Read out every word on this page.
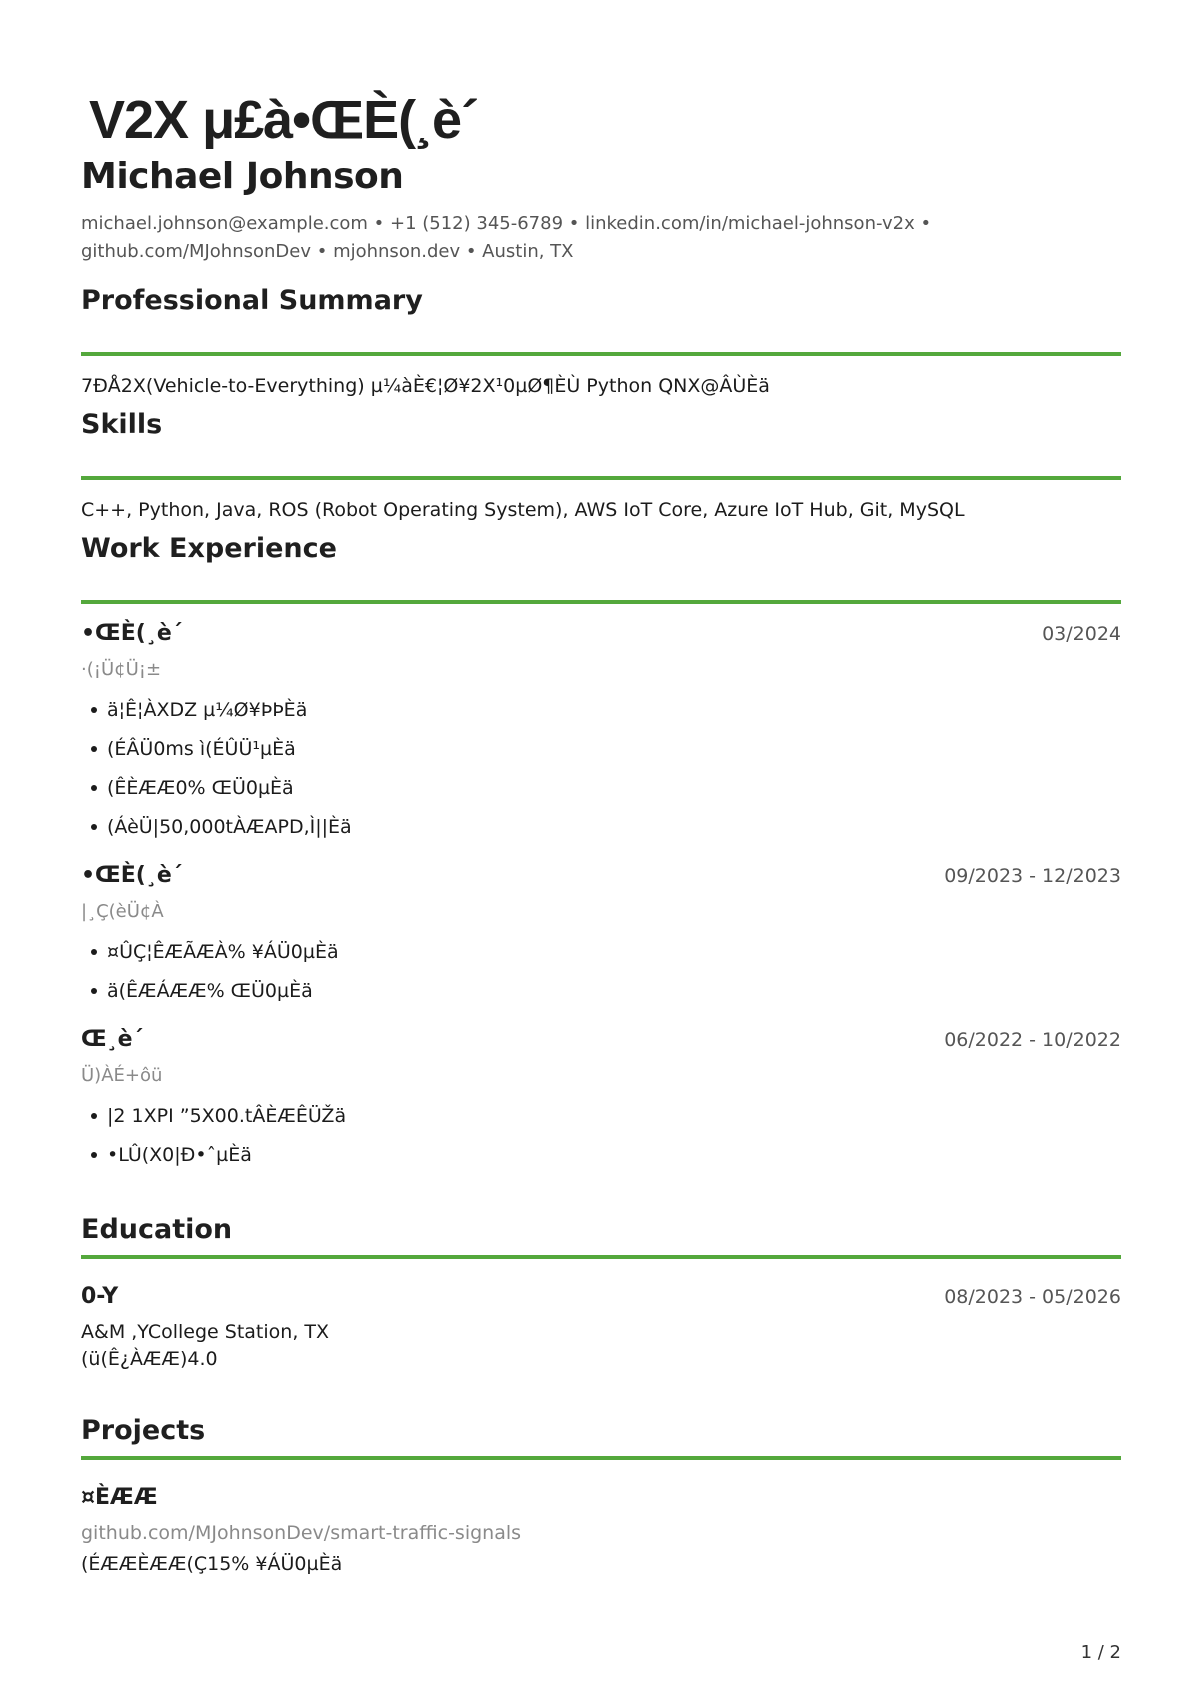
V2X μ£à•ŒÈ(¸è´
Michael Johnson
michael.johnson@example.com • +1 (512) 345-6789 • linkedin.com/in/michael-johnson-v2x •
github.com/MJohnsonDev • mjohnson.dev • Austin, TX
Professional Summary
7ÐÅ2X(Vehicle-to-Everything) µ¼àÈ€¦Ø¥2X¹0µØ¶ÈÙ Python QNX@ÂÙÈä
Skills
C++, Python, Java, ROS (Robot Operating System), AWS IoT Core, Azure IoT Hub, Git, MySQL
Work Experience
•ŒÈ(¸è´	03/2024
·(¡Ü¢Ü¡±
ä¦Ê¦ÀXDZ µ¼Ø¥ÞÞÈä
(ÉÂÜ0ms ì(ÉÛÜ¹µÈä
(ÊÈÆÆ0% ŒÜ0µÈä
(ÁèÜ|50,000tÀÆAPD,Ì||Èä
•ŒÈ(¸è´	09/2023 - 12/2023
|¸Ç(èÜ¢À
¤ÛÇ¦ÊÆÃÆÀ% ¥ÁÜ0µÈä
ä(ÊÆÁÆÆ% ŒÜ0µÈä
Œ¸è´	06/2022 - 10/2022
Ü)ÀÉ+ôü
|2 1XPI ”5X00.tÂÈÆÊÜŽä
•LÛ(X0|Ð•ˆµÈä
Education
0-Y	08/2023 - 05/2026
A&M ,YCollege Station, TX
(ü(Ê¿ÀÆÆ)4.0
Projects
¤ÈÆÆ
github.com/MJohnsonDev/smart-traffic-signals
(ÉÆÆÈÆÆ(Ç15% ¥ÁÜ0µÈä
1 / 2
